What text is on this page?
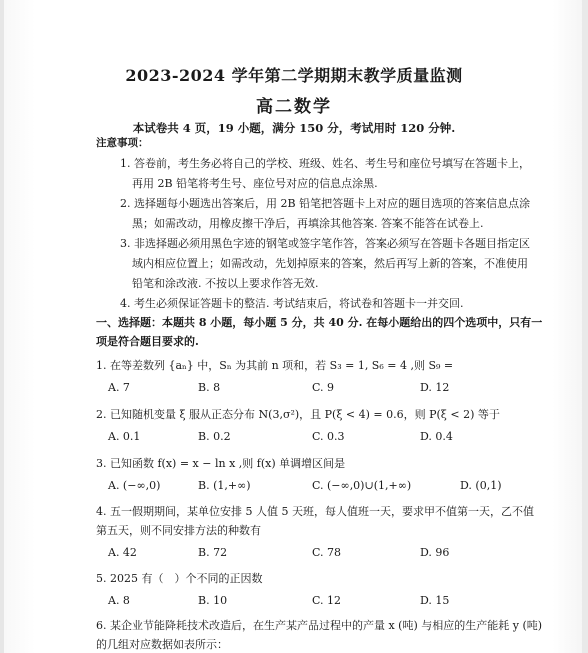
2023-2024 学年第二学期期末教学质量监测
高二数学
本试卷共 4 页，19 小题，满分 150 分，考试用时 120 分钟.
注意事项：
1. 答卷前，考生务必将自己的学校、班级、姓名、考生号和座位号填写在答题卡上，
再用 2B 铅笔将考生号、座位号对应的信息点涂黑.
2. 选择题每小题选出答案后，用 2B 铅笔把答题卡上对应的题目选项的答案信息点涂
黑；如需改动，用橡皮擦干净后，再填涂其他答案. 答案不能答在试卷上.
3. 非选择题必须用黑色字迹的钢笔或签字笔作答，答案必须写在答题卡各题目指定区
域内相应位置上；如需改动，先划掉原来的答案，然后再写上新的答案，不准使用
铅笔和涂改液. 不按以上要求作答无效.
4. 考生必须保证答题卡的整洁. 考试结束后，将试卷和答题卡一并交回.
一、选择题：本题共 8 小题，每小题 5 分，共 40 分. 在每小题给出的四个选项中，只有一
项是符合题目要求的.
1. 在等差数列 {aₙ} 中，Sₙ 为其前 n 项和，若 S₃ = 1, S₆ = 4 ,则 S₉ =
A. 7	B. 8	C. 9	D. 12
2. 已知随机变量 ξ 服从正态分布 N(3,σ²)，且 P(ξ < 4) = 0.6，则 P(ξ < 2) 等于
A. 0.1	B. 0.2	C. 0.3	D. 0.4
3. 已知函数 f(x) = x − ln x ,则 f(x) 单调增区间是
A. (−∞,0)	B. (1,+∞)	C. (−∞,0)∪(1,+∞)	D. (0,1)
4. 五一假期期间，某单位安排 5 人值 5 天班，每人值班一天，要求甲不值第一天，乙不值
第五天，则不同安排方法的种数有
A. 42	B. 72	C. 78	D. 96
5. 2025 有（　）个不同的正因数
A. 8	B. 10	C. 12	D. 15
6. 某企业节能降耗技术改造后，在生产某产品过程中的产量 x (吨) 与相应的生产能耗 y (吨)
的几组对应数据如表所示：
